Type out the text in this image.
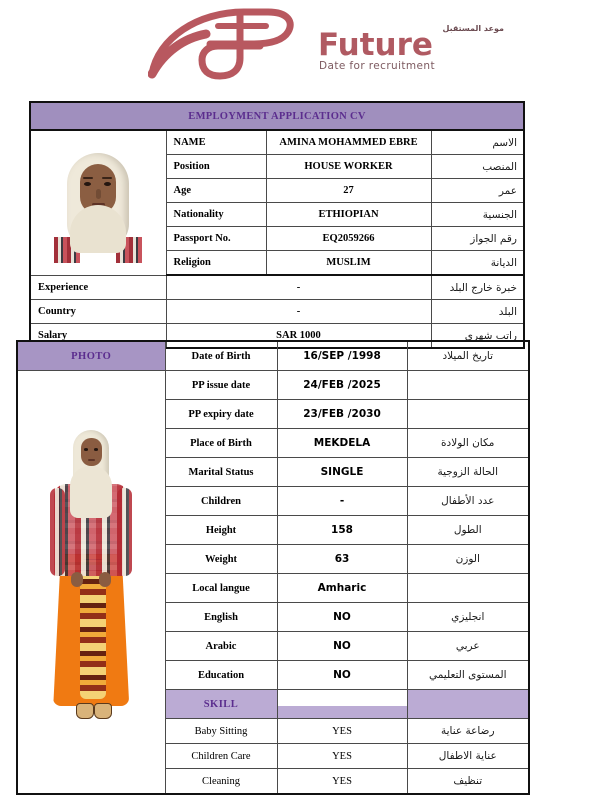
موعد المستقبل
Future
Date for recruitment
EMPLOYMENT APPLICATION CV			

	NAME	AMINA MOHAMMED EBRE	الاسم
	Position	HOUSE WORKER	المنصب
	Age	27	عمر
	Nationality	ETHIOPIAN	الجنسية
	Passport No.	EQ2059266	رقم الجواز
	Religion	MUSLIM	الديانة
Experience	-		خبرة خارج البلد
Country	-		البلد
Salary	SAR 1000		راتب شهري
PHOTO	Date of Birth	16/SEP /1998	تاريخ الميلاد

	PP issue date	24/FEB /2025	
	PP expiry date	23/FEB /2030	
	Place of Birth	MEKDELA	مكان الولادة
	Marital Status	SINGLE	الحالة الزوجية
	Children	-	عدد الأطفال
	Height	158	الطول
	Weight	63	الوزن
	Local langue	Amharic	
	English	NO	انجليزي
	Arabic	NO	عربي
	Education	NO	المستوى التعليمي
	SKILL		
	Baby Sitting	YES	رضاعة عناية
	Children Care	YES	عناية الاطفال
	Cleaning	YES	تنظيف
